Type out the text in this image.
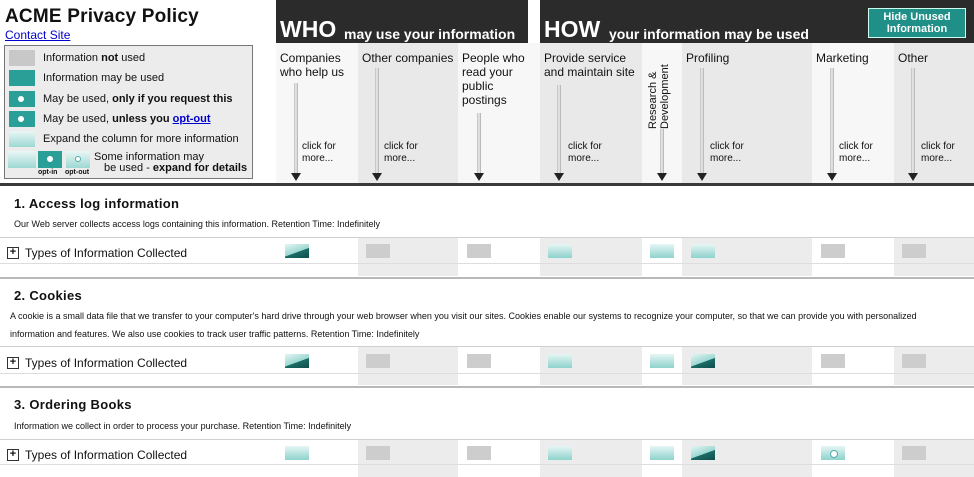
ACME Privacy Policy
Contact Site
Information not used
Information may be used
May be used, only if you request this
May be used, unless you opt-out
Expand the column for more information
opt-in opt-out
Some information may
be used - expand for details
WHO may use your information HOW your information may be used
Hide Unused Information
Companies who help us
click for more...
Other companies
click for more...
People who read your public postings
Provide service and maintain site
click for more...
Research & Development
Profiling
click for more...
Marketing
click for more...
Other
click for more...
1. Access log information
Our Web server collects access logs containing this information. Retention Time: Indefinitely
+ Types of Information Collected
2. Cookies
A cookie is a small data file that we transfer to your computer's hard drive through your web browser when you visit our sites. Cookies enable our systems to recognize your computer, so that we can provide you with personalized information and features. We also use cookies to track user traffic patterns. Retention Time: Indefinitely
+ Types of Information Collected
3. Ordering Books
Information we collect in order to process your purchase. Retention Time: Indefinitely
+ Types of Information Collected
